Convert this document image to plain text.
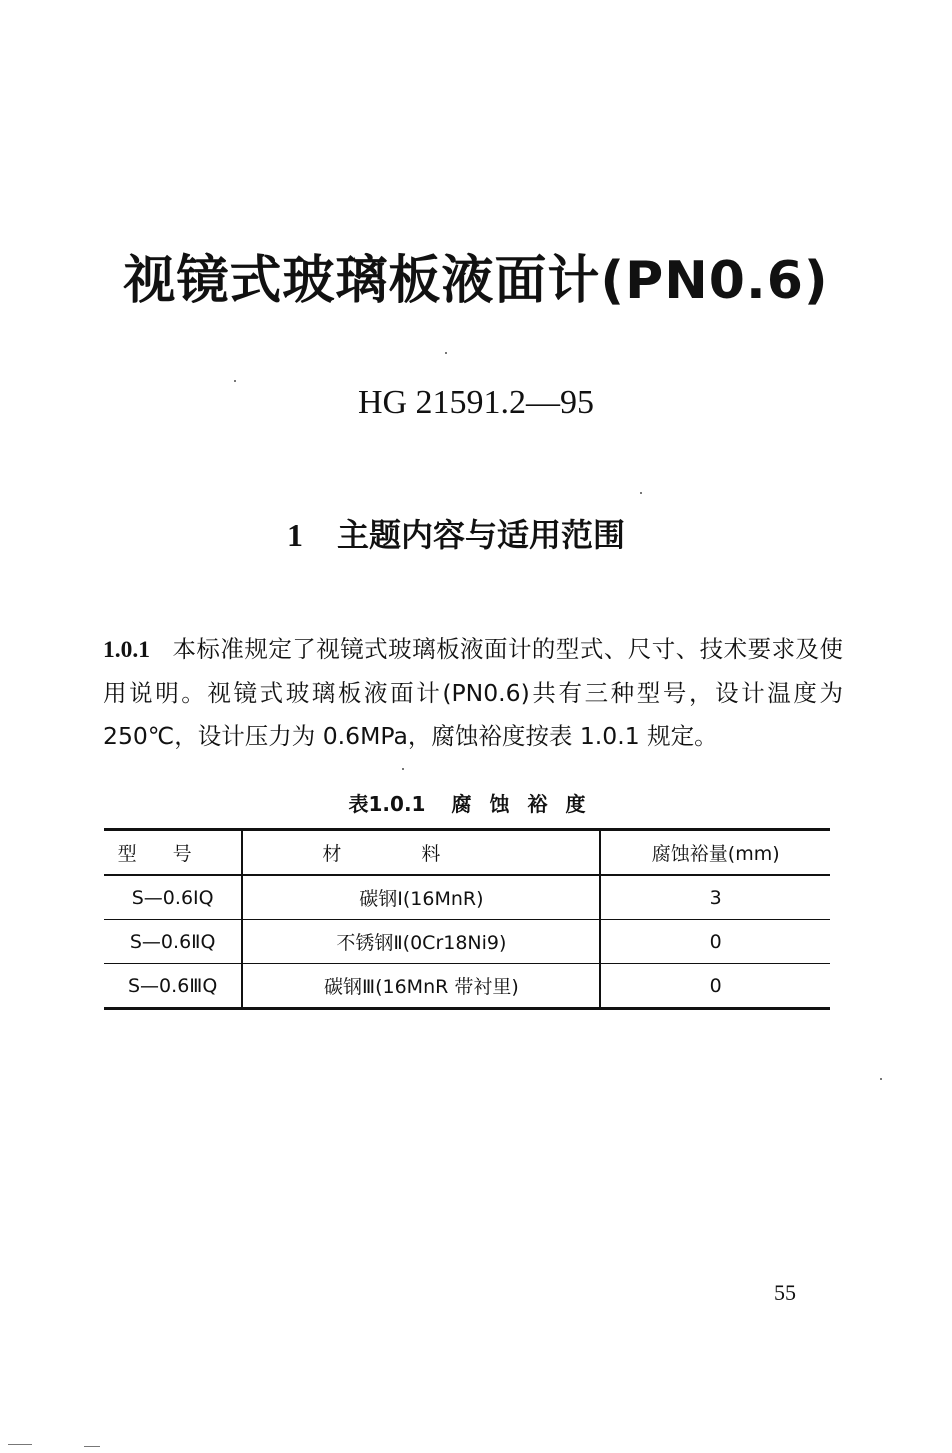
视镜式玻璃板液面计(PN0.6)
HG 21591.2—95
1 主题内容与适用范围
1.0.1 本标准规定了视镜式玻璃板液面计的型式、尺寸、技术要求及使用说明。视镜式玻璃板液面计(PN0.6)共有三种型号，设计温度为 250℃，设计压力为 0.6MPa，腐蚀裕度按表 1.0.1 规定。
表1.0.1 腐蚀裕度
型号	材料	腐蚀裕量(mm)
S—0.6ⅠQ	碳钢Ⅰ(16MnR)	3
S—0.6ⅡQ	不锈钢Ⅱ(0Cr18Ni9)	0
S—0.6ⅢQ	碳钢Ⅲ(16MnR 带衬里)	0
55
